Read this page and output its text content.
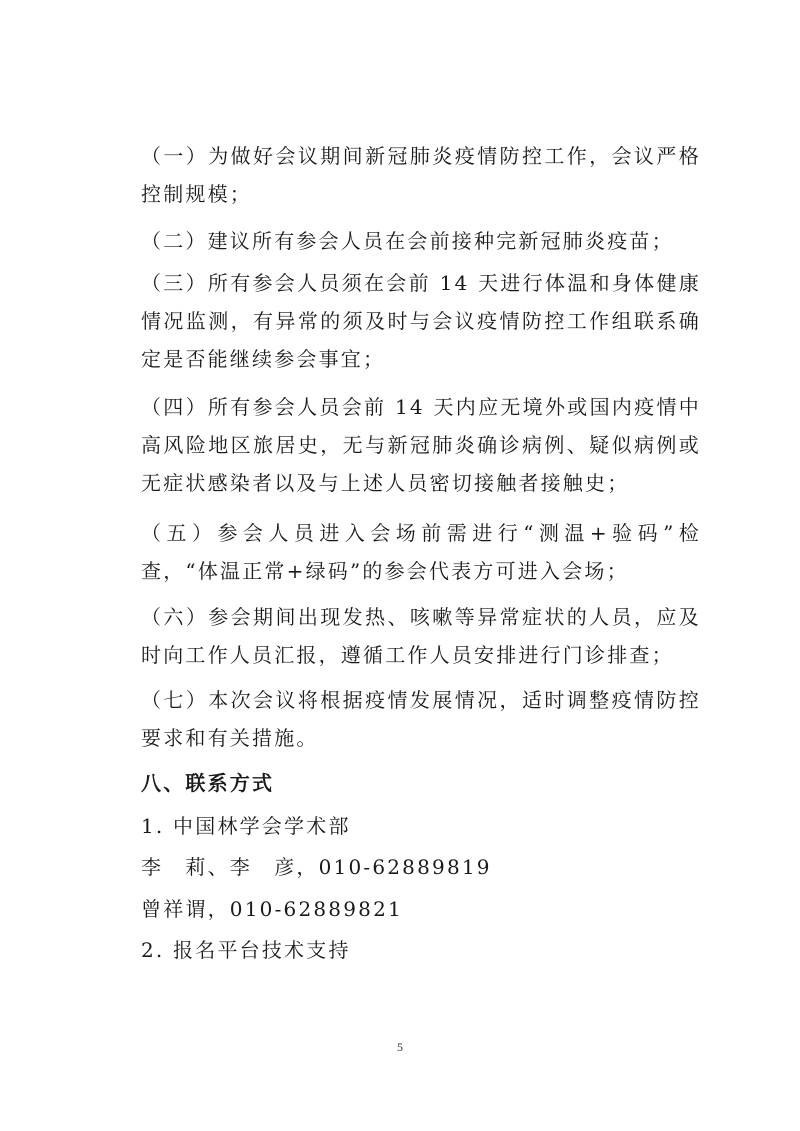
（一）为做好会议期间新冠肺炎疫情防控工作，会议严格控制规模；

（二）建议所有参会人员在会前接种完新冠肺炎疫苗；

（三）所有参会人员须在会前 14 天进行体温和身体健康情况监测，有异常的须及时与会议疫情防控工作组联系确定是否能继续参会事宜；

（四）所有参会人员会前 14 天内应无境外或国内疫情中高风险地区旅居史，无与新冠肺炎确诊病例、疑似病例或无症状感染者以及与上述人员密切接触者接触史；

（五）参会人员进入会场前需进行“测温+验码”检查，“体温正常+绿码”的参会代表方可进入会场；

（六）参会期间出现发热、咳嗽等异常症状的人员，应及时向工作人员汇报，遵循工作人员安排进行门诊排查；

（七）本次会议将根据疫情发展情况，适时调整疫情防控要求和有关措施。

八、联系方式

1. 中国林学会学术部

李　莉、李　彦，010-62889819

曾祥谓，010-62889821

2. 报名平台技术支持

5
